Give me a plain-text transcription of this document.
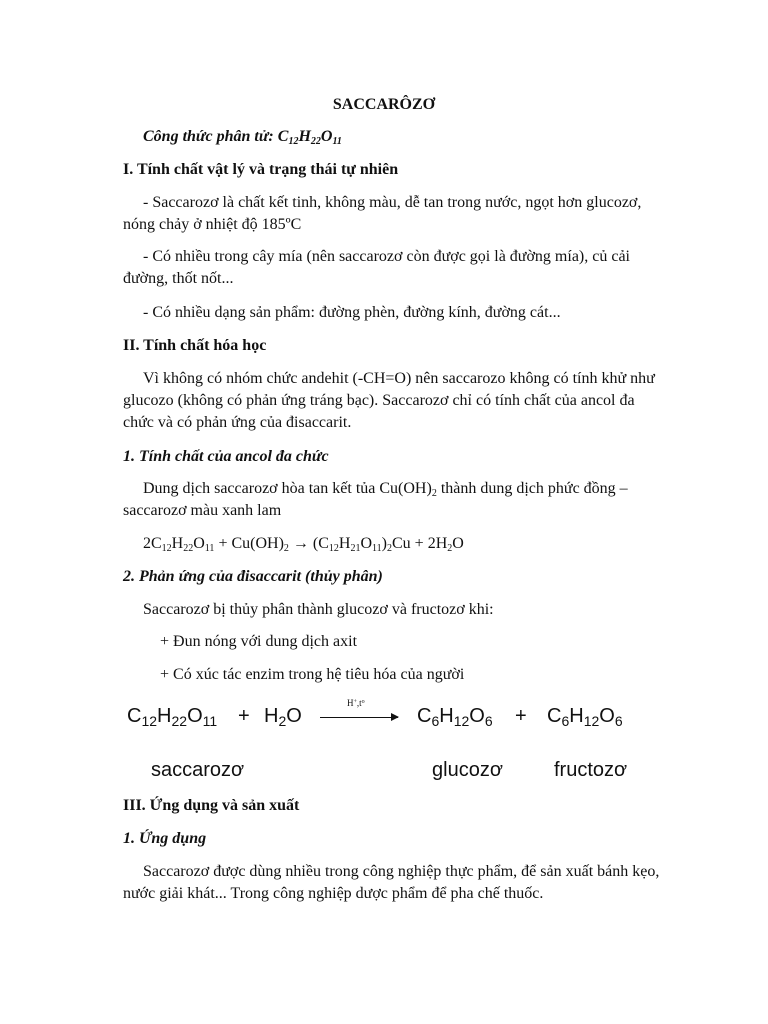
SACCARÔZƠ
Công thức phân tử: $C_{12}H_{22}O_{11}$
I. Tính chất vật lý và trạng thái tự nhiên
- Saccarozơ là chất kết tinh, không màu, dễ tan trong nước, ngọt hơn glucozơ, nóng chảy ở nhiệt độ 185ºC
- Có nhiều trong cây mía (nên saccarozơ còn được gọi là đường mía), củ cải đường, thốt nốt...
- Có nhiều dạng sản phẩm: đường phèn, đường kính, đường cát...
II. Tính chất hóa học
Vì không có nhóm chức andehit (-CH=O) nên saccarozo không có tính khử như glucozo (không có phản ứng tráng bạc). Saccarozơ chỉ có tính chất của ancol đa chức và có phản ứng của đisaccarit.
1. Tính chất của ancol đa chức
Dung dịch saccarozơ hòa tan kết tủa $Cu(OH)_2$ thành dung dịch phức đồng – saccarozơ màu xanh lam
$2C_{12}H_{22}O_{11} + Cu(OH)_2 \to (C_{12}H_{21}O_{11})_2Cu + 2H_2O$
2. Phản ứng của đisaccarit (thủy phân)
Saccarozơ bị thủy phân thành glucozơ và fructozơ khi:
+ Đun nóng với dung dịch axit
+ Có xúc tác enzim trong hệ tiêu hóa của người
$C_{12}H_{22}O_{11} + H_2O$
$H^+,t^o$
→ $C_6H_{12}O_6 + C_6H_{12}O_6$
saccarozơ	glucozơ	fructozơ
III. Ứng dụng và sản xuất
1. Ứng dụng
Saccarozơ được dùng nhiều trong công nghiệp thực phẩm, để sản xuất bánh kẹo, nước giải khát... Trong công nghiệp dược phẩm để pha chế thuốc.
